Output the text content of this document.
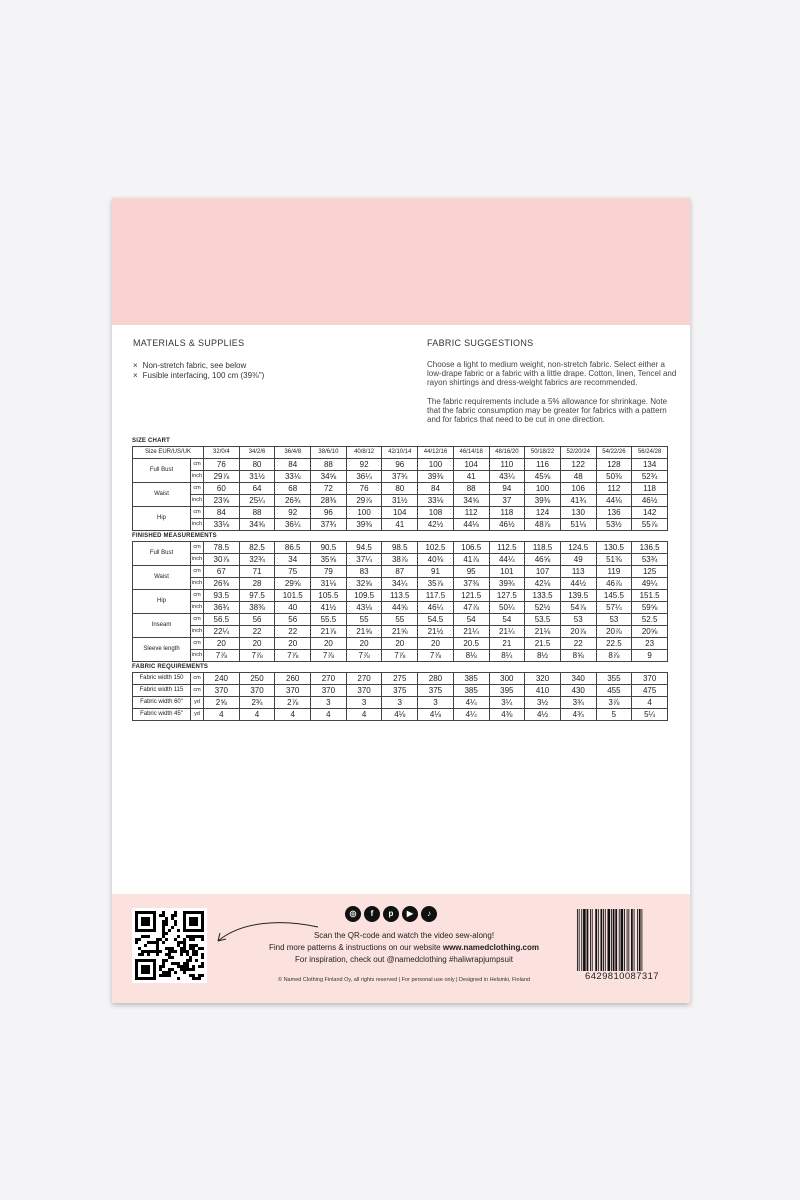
MATERIALS & SUPPLIES
× Non-stretch fabric, see below
× Fusible interfacing, 100 cm (39⅜")
FABRIC SUGGESTIONS

Choose a light to medium weight, non-stretch fabric. Select either a low-drape fabric or a fabric with a little drape. Cotton, linen, Tencel and rayon shirtings and dress-weight fabrics are recommended.

The fabric requirements include a 5% allowance for shrinkage. Note that the fabric consumption may be greater for fabrics with a pattern and for fabrics that need to be cut in one direction.

SIZE CHART
Size EUR/US/UK		32/0/4	34/2/6	36/4/8	38/6/10	40/8/12	42/10/14	44/12/16	46/14/18	48/16/20	50/18/22	52/20/24	54/22/26	56/24/28
Full Bust	cm	76	80	84	88	92	96	100	104	110	116	122	128	134
	inch	29⅞	31½	33⅛	34⅝	36¼	37¾	39⅜	41	43¼	45⅝	48	50⅜	52¾
Waist	cm	60	64	68	72	76	80	84	88	94	100	106	112	118
	inch	23⅝	25¼	26¾	28⅜	29⅞	31½	33⅛	34⅝	37	39⅜	41¾	44⅛	46½
Hip	cm	84	88	92	96	100	104	108	112	118	124	130	136	142
	inch	33⅛	34⅝	36¼	37¾	39⅜	41	42½	44⅛	46½	48⅞	51⅛	53½	55⅞
FINISHED MEASUREMENTS
Full Bust	cm	78.5	82.5	86.5	90.5	94.5	98.5	102.5	106.5	112.5	118.5	124.5	130.5	136.5
	inch	30⅞	32¾	34	35⅝	37¼	38⅞	40⅜	41⅞	44¼	46⅝	49	51⅜	53¾
Waist	cm	67	71	75	79	83	87	91	95	101	107	113	119	125
	inch	26⅜	28	29⅝	31⅛	32⅝	34¼	35⅞	37⅜	39¾	42⅛	44½	46⅞	49¼
Hip	cm	93.5	97.5	101.5	105.5	109.5	113.5	117.5	121.5	127.5	133.5	139.5	145.5	151.5
	inch	36¾	38⅜	40	41½	43⅛	44⅝	46¼	47⅞	50¼	52½	54⅞	57¼	59⅝
Inseam	cm	56.5	56	56	55.5	55	55	54.5	54	54	53.5	53	53	52.5
	inch	22¼	22	22	21⅞	21⅝	21⅝	21½	21¼	21¼	21⅛	20⅞	20⅞	20⅝
Sleeve length	cm	20	20	20	20	20	20	20	20.5	21	21.5	22	22.5	23
	inch	7⅞	7⅞	7⅞	7⅞	7⅞	7⅞	7⅞	8⅛	8¼	8½	8⅝	8⅞	9
FABRIC REQUIREMENTS
Fabric width 150	cm	240	250	260	270	270	275	280	385	300	320	340	355	370
Fabric width 115	cm	370	370	370	370	370	375	375	385	395	410	430	455	475
Fabric width 60"	yd	2⅝	2¾	2⅞	3	3	3	3	4¼	3¼	3½	3¾	3⅞	4
Fabric width 45"	yd	4	4	4	4	4	4⅛	4⅛	4¼	4⅜	4½	4¾	5	5¼
◎	f	p	▶	♪
Scan the QR-code and watch the video sew-along!
Find more patterns & instructions on our website www.namedclothing.com
For inspiration, check out @namedclothing #haliwrapjumpsuit
© Named Clothing Finland Oy, all rights reserved | For personal use only | Designed in Helsinki, Finland	6429810087317
